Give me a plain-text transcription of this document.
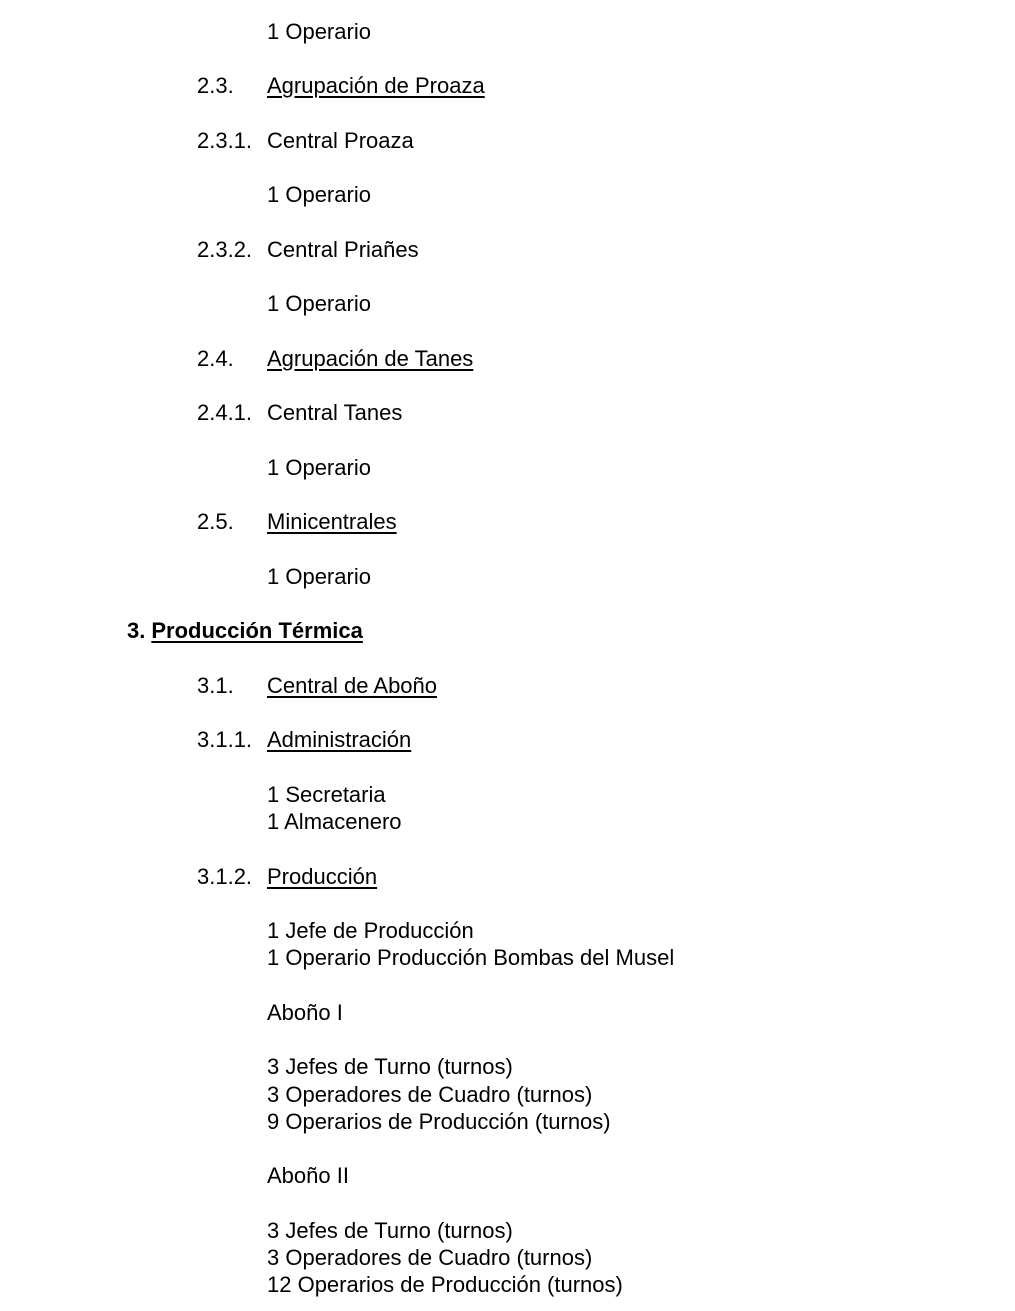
1 Operario
2.3. Agrupación de Proaza
2.3.1. Central Proaza
1 Operario
2.3.2. Central Priañes
1 Operario
2.4. Agrupación de Tanes
2.4.1. Central Tanes
1 Operario
2.5. Minicentrales
1 Operario
3. Producción Térmica
3.1. Central de Aboño
3.1.1. Administración
1 Secretaria
1 Almacenero
3.1.2. Producción
1 Jefe de Producción
1 Operario Producción Bombas del Musel
Aboño I
3 Jefes de Turno (turnos)
3 Operadores de Cuadro (turnos)
9 Operarios de Producción (turnos)
Aboño II
3 Jefes de Turno (turnos)
3 Operadores de Cuadro (turnos)
12 Operarios de Producción (turnos)
